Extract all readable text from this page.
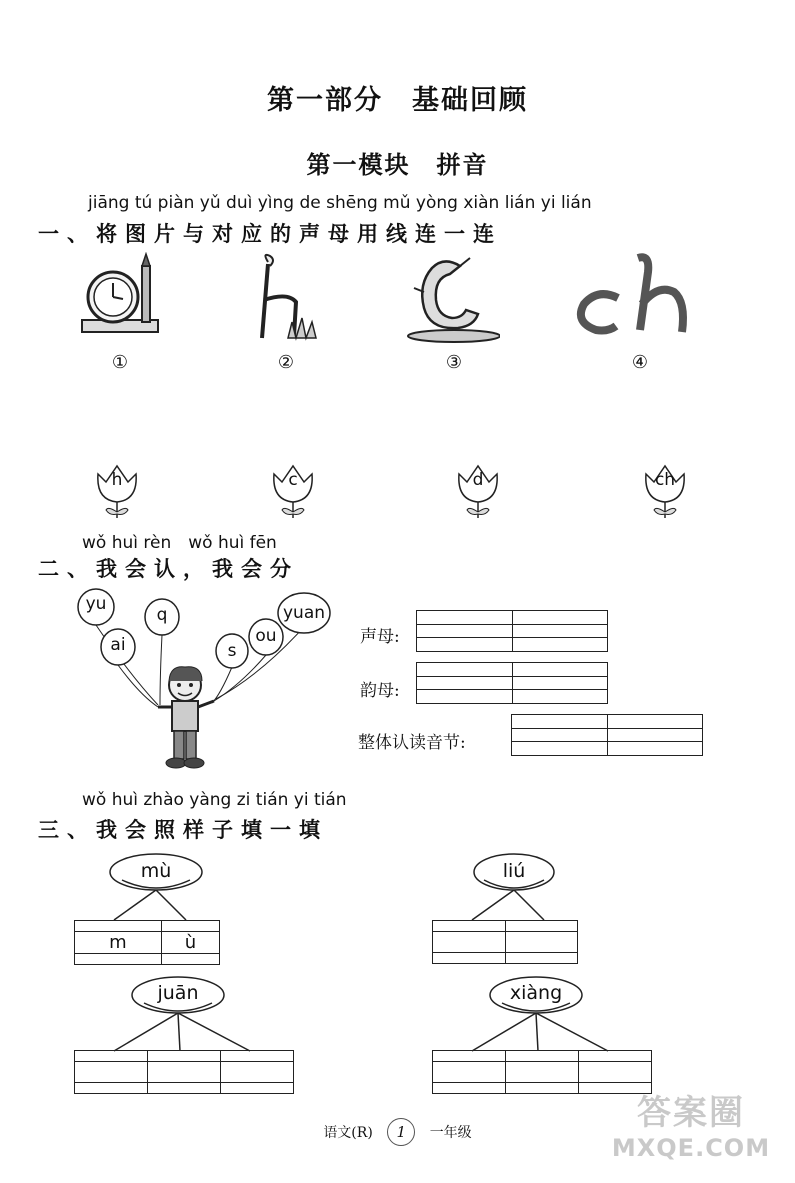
第一部分　基础回顾
第一模块　拼音
jiāng tú piàn yǔ duì yìng de shēng mǔ yòng xiàn lián yi lián
一、将图片与对应的声母用线连一连
①	②	③	④
h	c	d	ch
wǒ huì rèn　wǒ huì fēn
二、我会认，我会分
yu
q
ai	s
ou
yuan
声母:

韵母:

整体认读音节:

wǒ huì zhào yàng zi tián yi tián
三、我会照样子填一填
mù

m	ù

liú

juān

			xiàng

语文(R) 1 一年级	答案圈
MXQE.COM
